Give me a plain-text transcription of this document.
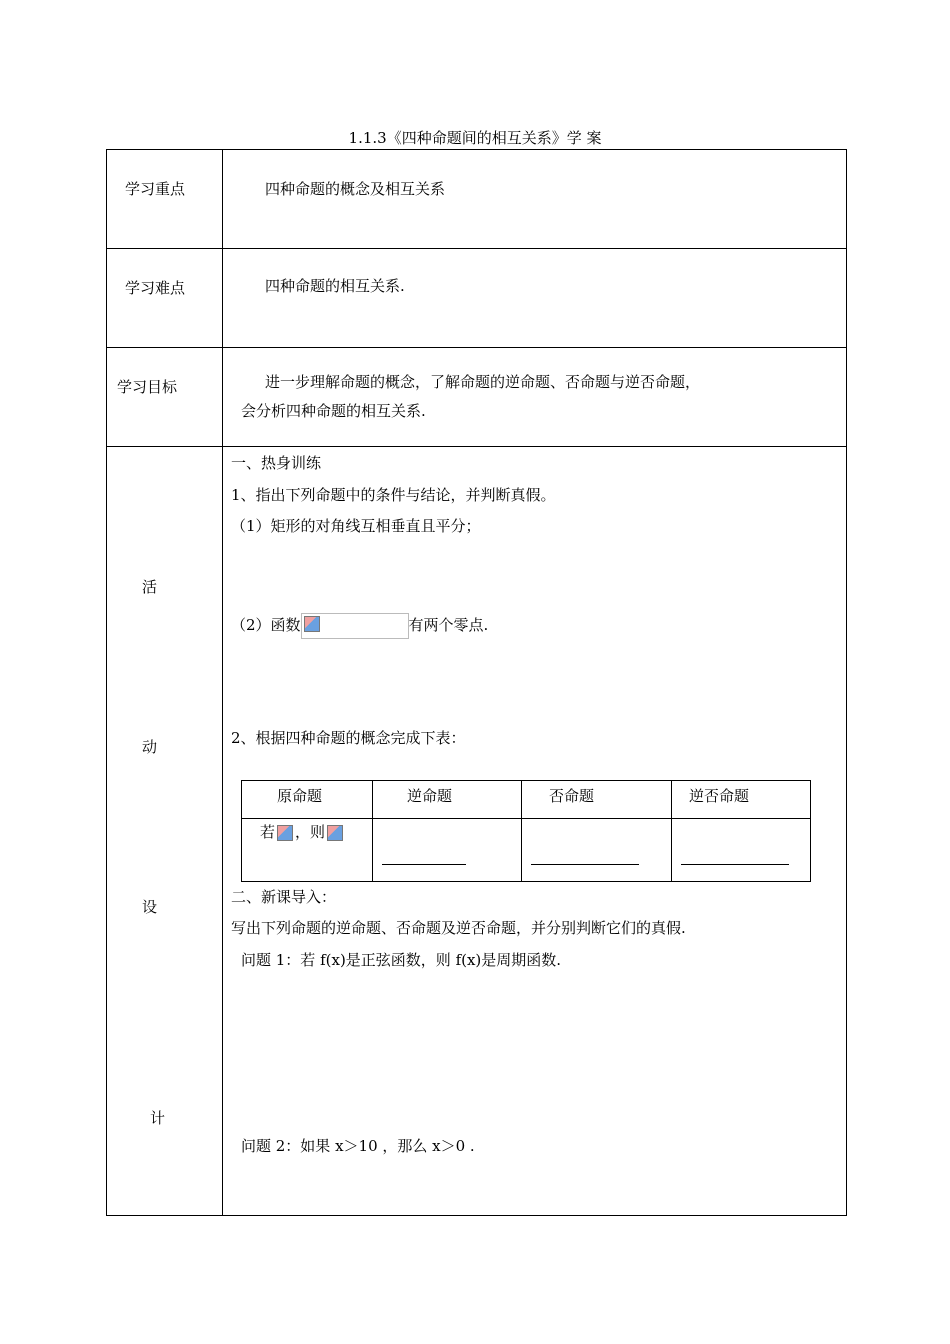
1.1.3《四种命题间的相互关系》学 案
学习重点	四种命题的概念及相互关系
学习难点	四种命题的相互关系.
学习目标	进一步理解命题的概念，了解命题的逆命题、否命题与逆否命题，
会分析四种命题的相互关系.
活
动
设
计
一、热身训练
1、指出下列命题中的条件与结论，并判断真假。
（1）矩形的对角线互相垂直且平分；
（2）函数	有两个零点.
2、根据四种命题的概念完成下表：
原命题	逆命题	否命题	逆否命题
若 ，则
二、新课导入：
写出下列命题的逆命题、否命题及逆否命题，并分别判断它们的真假.
问题 1：若 f(x)是正弦函数，则 f(x)是周期函数.
问题 2：如果 x＞10 ，那么 x＞0 .
